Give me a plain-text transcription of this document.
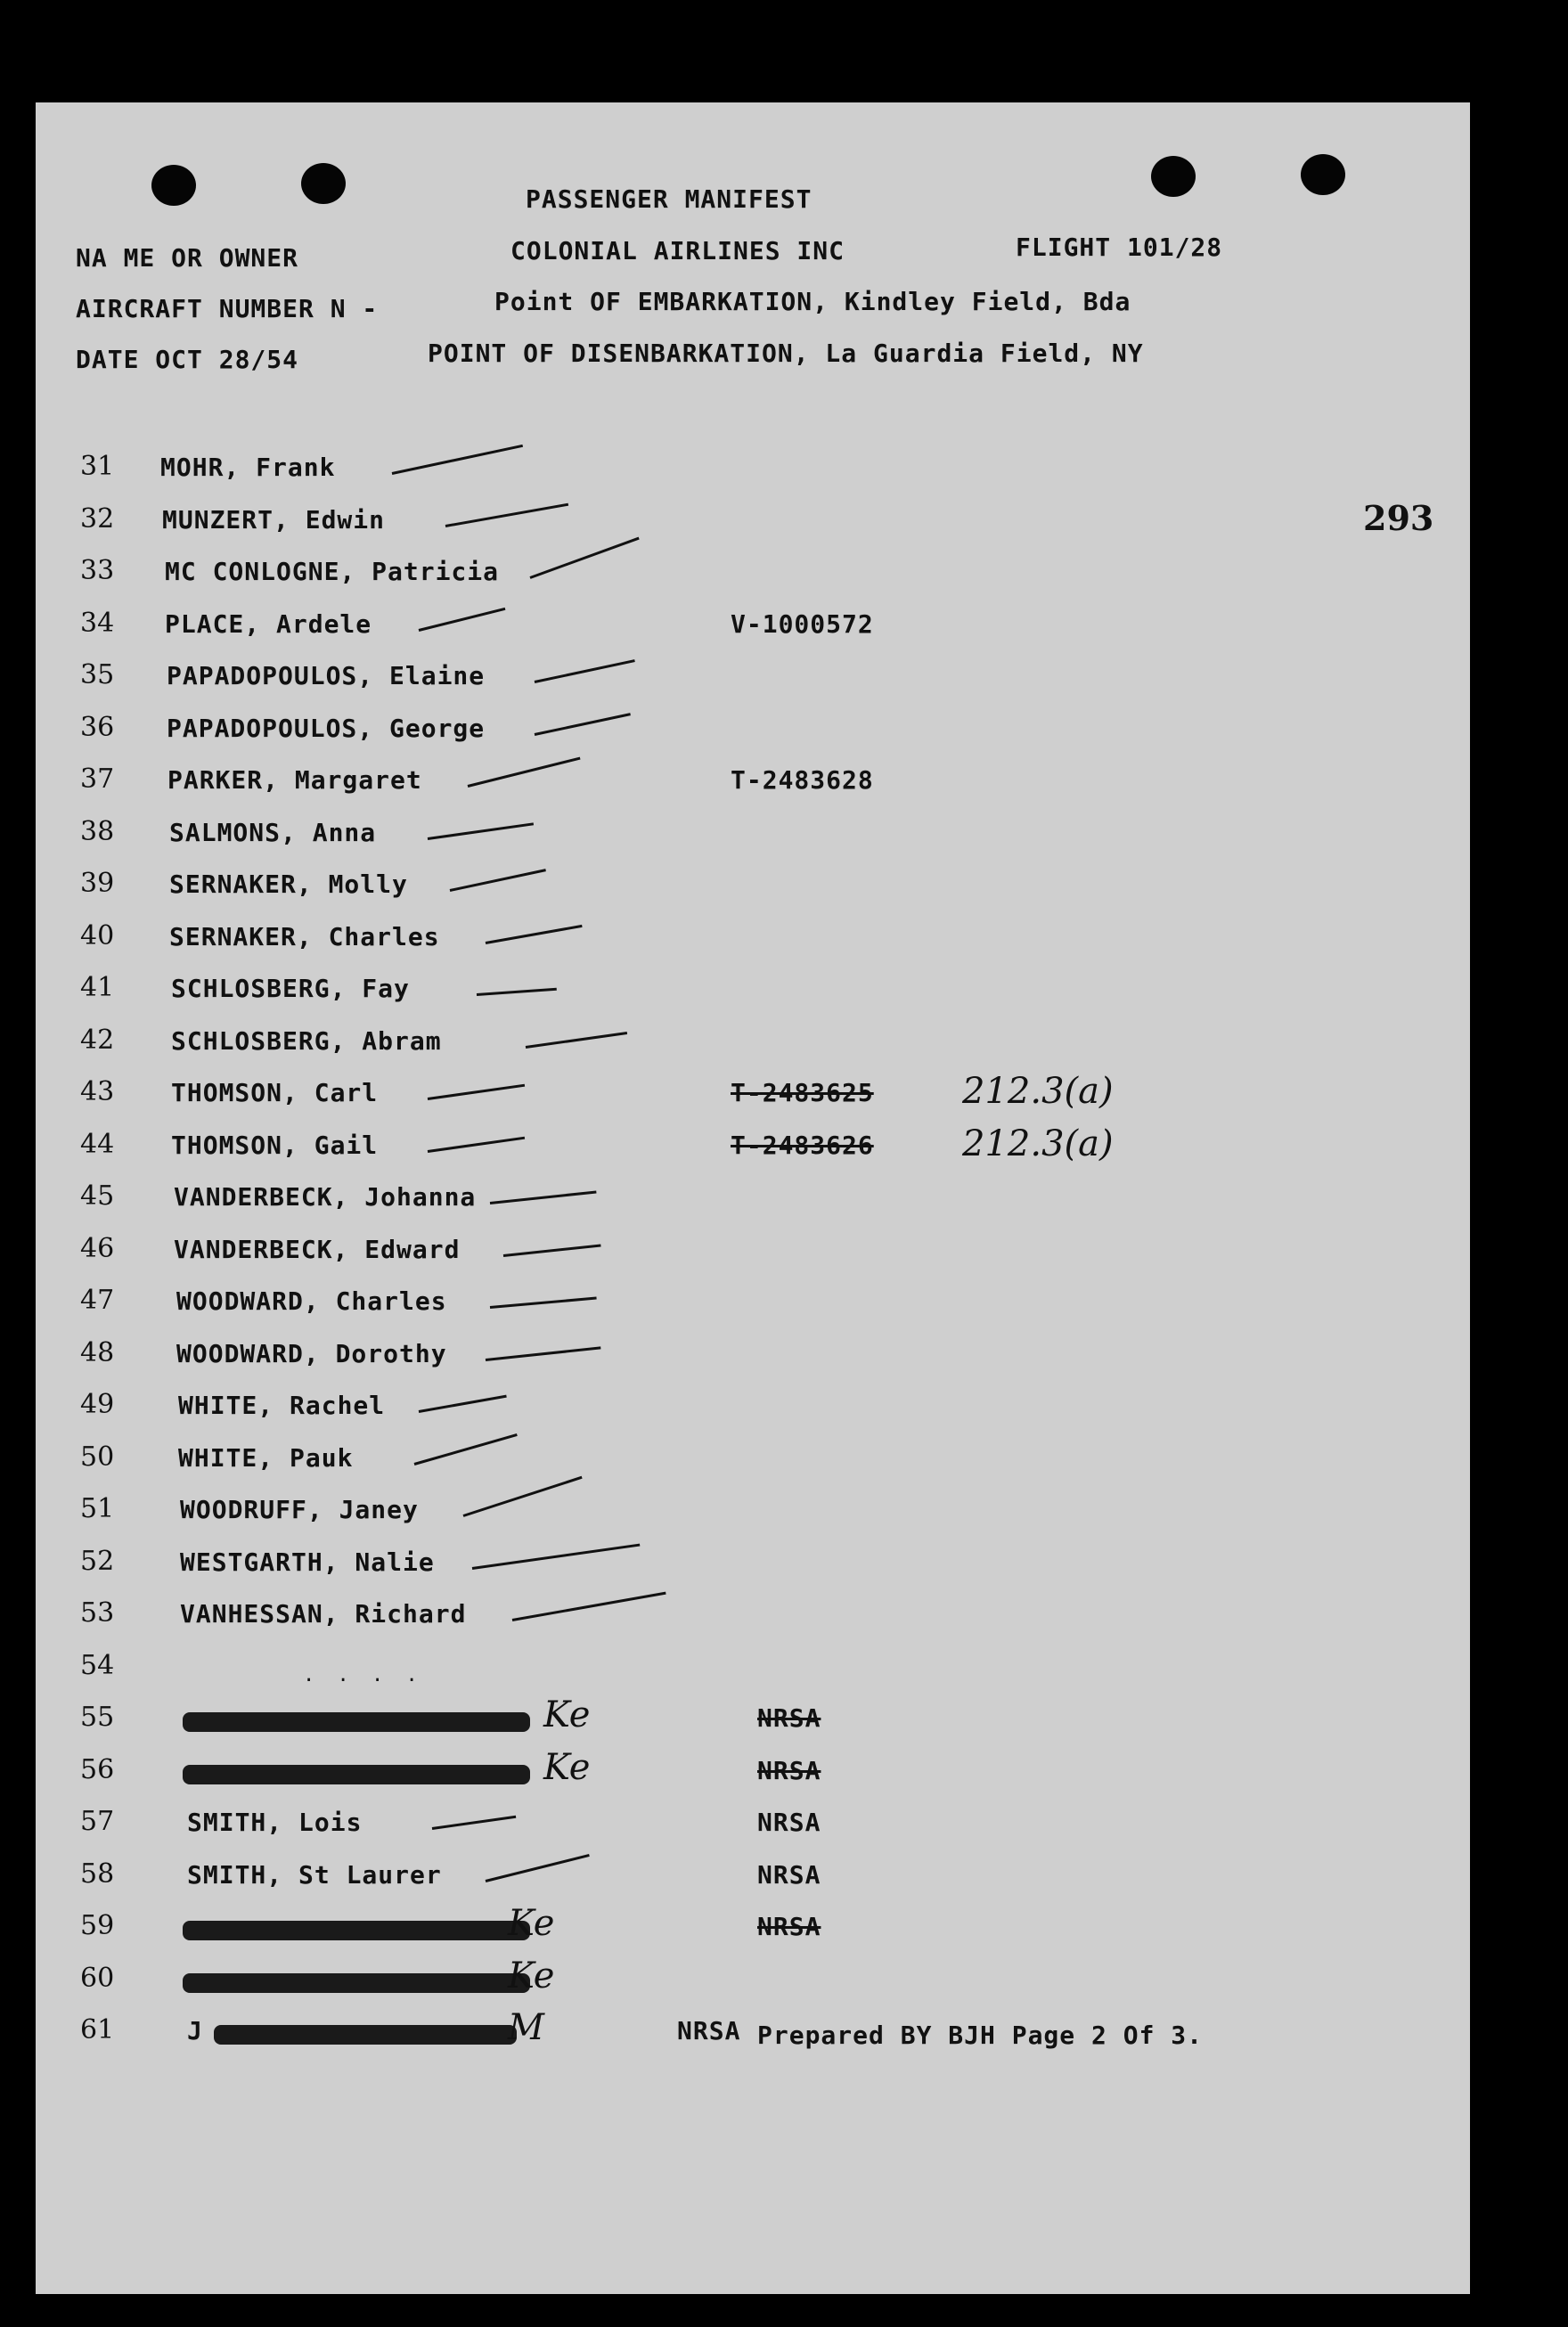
PASSENGER MANIFEST
NA ME OR OWNER	COLONIAL AIRLINES INC	FLIGHT 101/28
AIRCRAFT NUMBER N -	Point OF EMBARKATION, Kindley Field, Bda
DATE OCT 28/54	POINT OF DISENBARKATION, La Guardia Field, NY
293
31 MOHR, Frank
32 MUNZERT, Edwin
33 MC CONLOGNE, Patricia
34 PLACE, Ardele	V-1000572
35 PAPADOPOULOS, Elaine
36 PAPADOPOULOS, George
37 PARKER, Margaret	T-2483628
38 SALMONS, Anna
39 SERNAKER, Molly
40 SERNAKER, Charles
41 SCHLOSBERG, Fay
42 SCHLOSBERG, Abram
43 THOMSON, Carl	T-2483625 212.3(a)
44 THOMSON, Gail	T-2483626 212.3(a)
45 VANDERBECK, Johanna
46 VANDERBECK, Edward
47 WOODWARD, Charles
48 WOODWARD, Dorothy
49	WHITE, Rachel
50	WHITE, Pauk
51	WOODRUFF, Janey
52	WESTGARTH, Nalie
53	VANHESSAN, Richard
54	. . . .
55	Ke	NRSA
56	Ke	NRSA
57	SMITH, Lois	NRSA
58	SMITH, St Laurer	NRSA
59	Ke	NRSA
60	Ke
61	J	M	NRSA Prepared BY BJH Page 2 Of 3.
